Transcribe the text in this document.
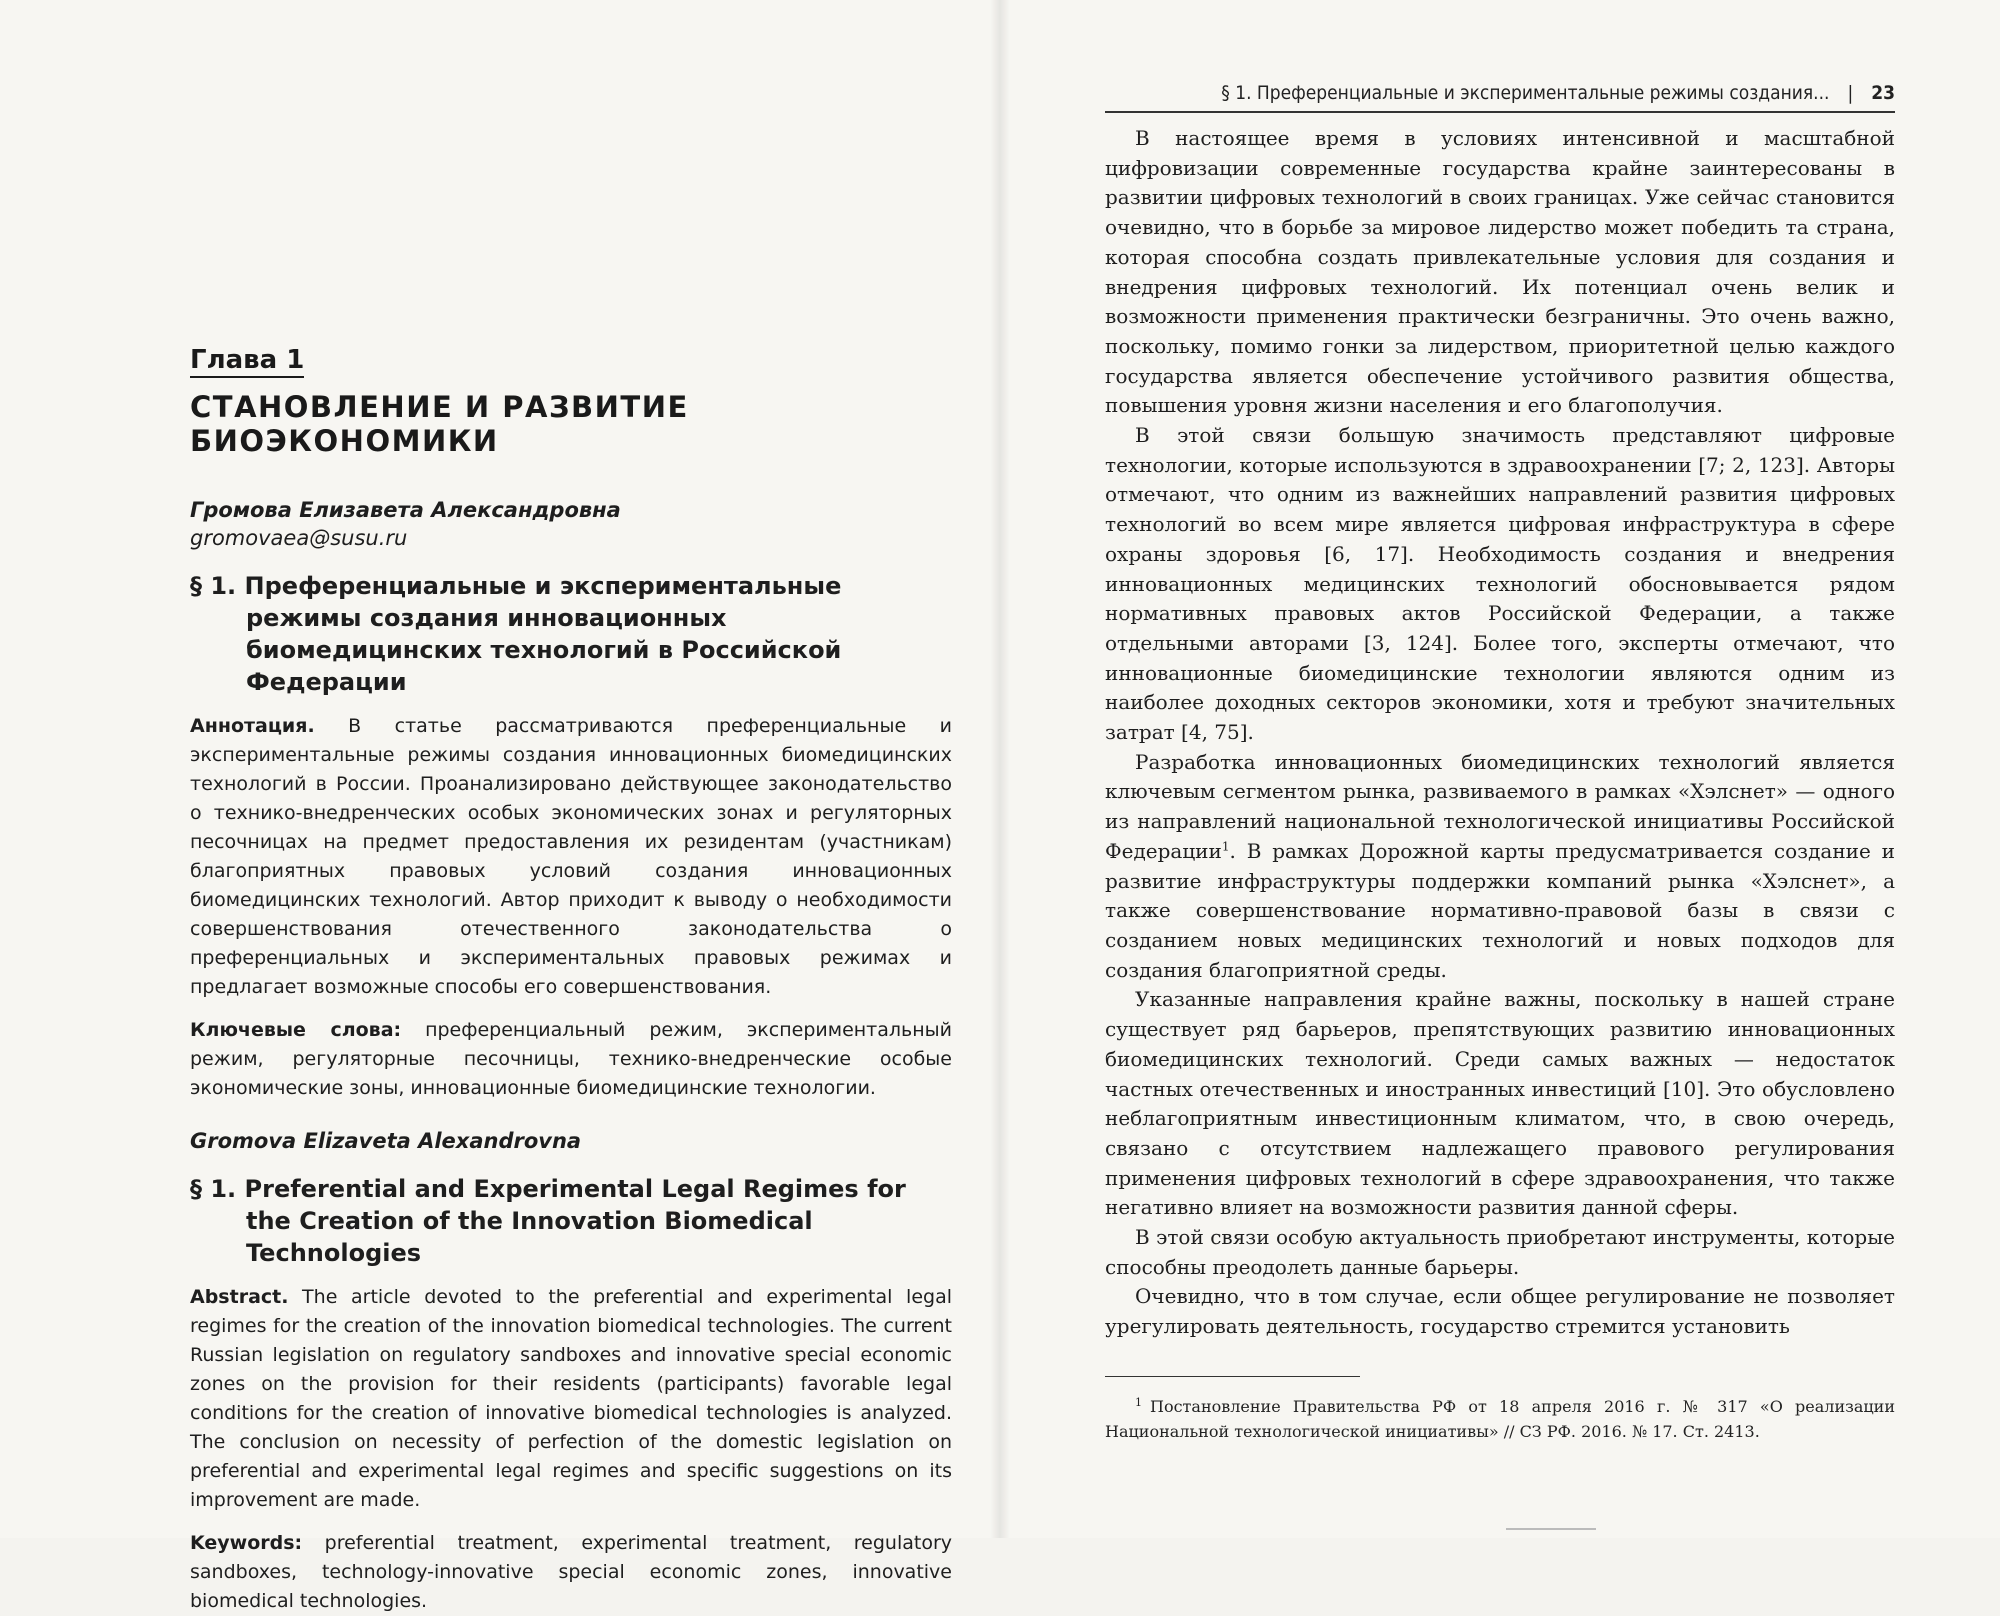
Глава 1
СТАНОВЛЕНИЕ И РАЗВИТИЕ БИОЭКОНОМИКИ
Громова Елизавета Александровна
gromovaea@susu.ru
§ 1. Преференциальные и экспериментальные режимы создания инновационных биомедицинских технологий в Российской Федерации

Аннотация. В статье рассматриваются преференциальные и экспериментальные режимы создания инновационных биомедицинских технологий в России. Проанализировано действующее законодательство о технико-внедренческих особых экономических зонах и регуляторных песочницах на предмет предоставления их резидентам (участникам) благоприятных правовых условий создания инновационных биомедицинских технологий. Автор приходит к выводу о необходимости совершенствования отечественного законодательства о преференциальных и экспериментальных правовых режимах и предлагает возможные способы его совершенствования.

Ключевые слова: преференциальный режим, экспериментальный режим, регуляторные песочницы, технико-внедренческие особые экономические зоны, инновационные биомедицинские технологии.

Gromova Elizaveta Alexandrovna
§ 1. Preferential and Experimental Legal Regimes for the Creation of the Innovation Biomedical Technologies

Abstract. The article devoted to the preferential and experimental legal regimes for the creation of the innovation biomedical technologies. The current Russian legislation on regulatory sandboxes and innovative special economic zones on the provision for their residents (participants) favorable legal conditions for the creation of innovative biomedical technologies is analyzed. The conclusion on necessity of perfection of the domestic legislation on preferential and experimental legal regimes and specific suggestions on its improvement are made.

Keywords: preferential treatment, experimental treatment, regulatory sandboxes, technology-innovative special economic zones, innovative biomedical technologies.

§ 1. Преференциальные и экспериментальные режимы создания... | 23

В настоящее время в условиях интенсивной и масштабной цифровизации современные государства крайне заинтересованы в развитии цифровых технологий в своих границах. Уже сейчас становится очевидно, что в борьбе за мировое лидерство может победить та страна, которая способна создать привлекательные условия для создания и внедрения цифровых технологий. Их потенциал очень велик и возможности применения практически безграничны. Это очень важно, поскольку, помимо гонки за лидерством, приоритетной целью каждого государства является обеспечение устойчивого развития общества, повышения уровня жизни населения и его благополучия.

В этой связи большую значимость представляют цифровые технологии, которые используются в здравоохранении [7; 2, 123]. Авторы отмечают, что одним из важнейших направлений развития цифровых технологий во всем мире является цифровая инфраструктура в сфере охраны здоровья [6, 17]. Необходимость создания и внедрения инновационных медицинских технологий обосновывается рядом нормативных правовых актов Российской Федерации, а также отдельными авторами [3, 124]. Более того, эксперты отмечают, что инновационные биомедицинские технологии являются одним из наиболее доходных секторов экономики, хотя и требуют значительных затрат [4, 75].

Разработка инновационных биомедицинских технологий является ключевым сегментом рынка, развиваемого в рамках «Хэлснет» — одного из направлений национальной технологической инициативы Российской Федерации$^1$. В рамках Дорожной карты предусматривается создание и развитие инфраструктуры поддержки компаний рынка «Хэлснет», а также совершенствование нормативно-правовой базы в связи с созданием новых медицинских технологий и новых подходов для создания благоприятной среды.

Указанные направления крайне важны, поскольку в нашей стране существует ряд барьеров, препятствующих развитию инновационных биомедицинских технологий. Среди самых важных — недостаток частных отечественных и иностранных инвестиций [10]. Это обусловлено неблагоприятным инвестиционным климатом, что, в свою очередь, связано с отсутствием надлежащего правового регулирования применения цифровых технологий в сфере здравоохранения, что также негативно влияет на возможности развития данной сферы.

В этой связи особую актуальность приобретают инструменты, которые способны преодолеть данные барьеры.

Очевидно, что в том случае, если общее регулирование не позволяет урегулировать деятельность, государство стремится установить

$^1$ Постановление Правительства РФ от 18 апреля 2016 г. № 317 «О реализации Национальной технологической инициативы» // СЗ РФ. 2016. № 17. Ст. 2413.
